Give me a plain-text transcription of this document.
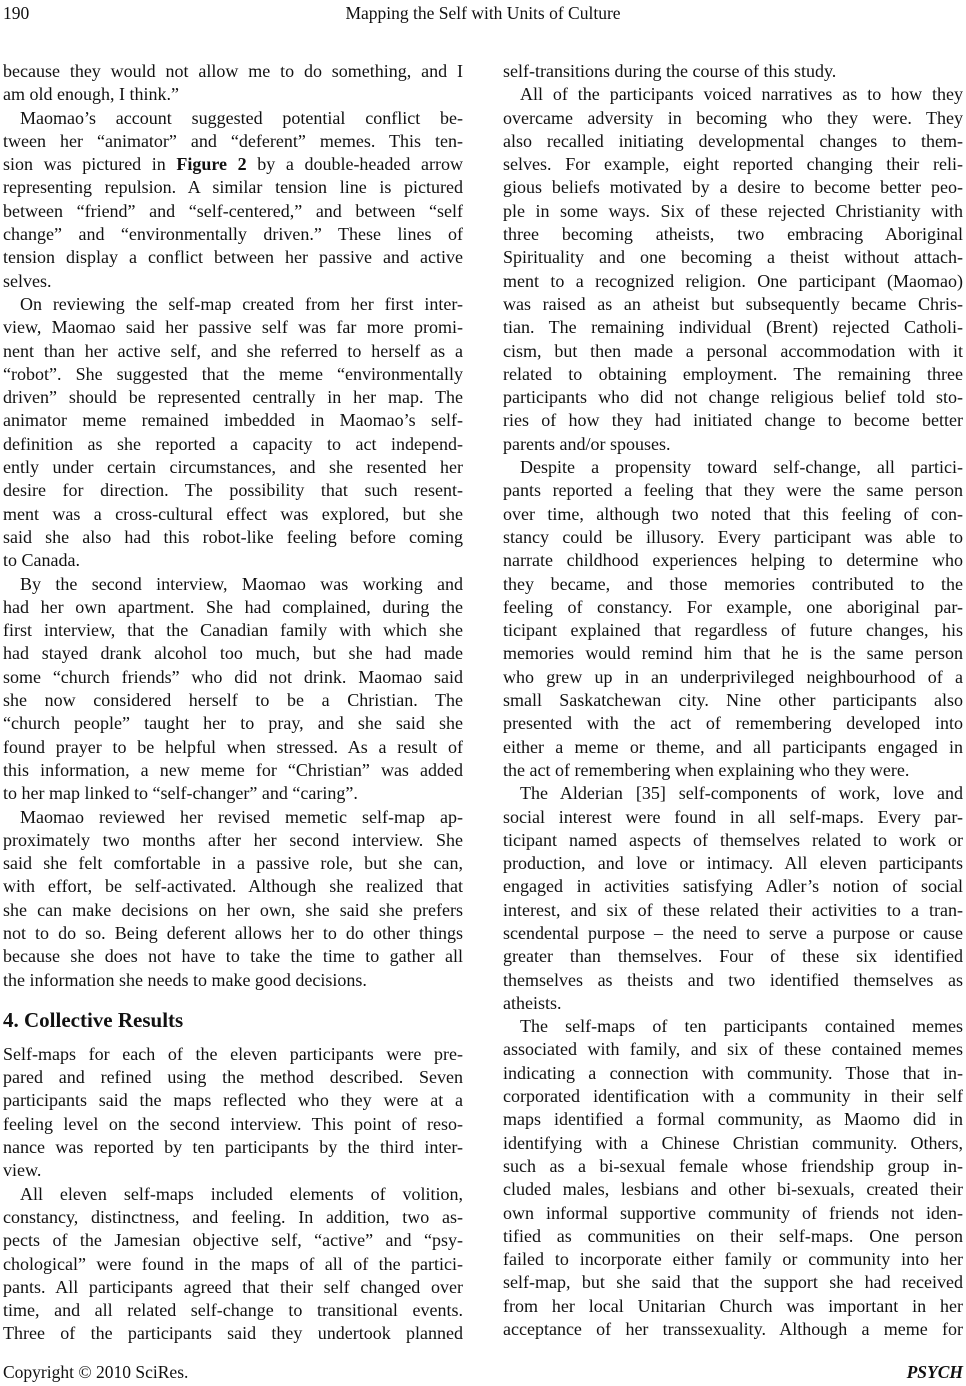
190	Mapping the Self with Units of Culture
because they would not allow me to do something, and I
am old enough, I think.”
Maomao’s account suggested potential conflict be-
tween her “animator” and “deferent” memes. This ten-
sion was pictured in Figure 2 by a double-headed arrow
representing repulsion. A similar tension line is pictured
between “friend” and “self-centered,” and between “self
change” and “environmentally driven.” These lines of
tension display a conflict between her passive and active
selves.
On reviewing the self-map created from her first inter-
view, Maomao said her passive self was far more promi-
nent than her active self, and she referred to herself as a
“robot”. She suggested that the meme “environmentally
driven” should be represented centrally in her map. The
animator meme remained imbedded in Maomao’s self-
definition as she reported a capacity to act independ-
ently under certain circumstances, and she resented her
desire for direction. The possibility that such resent-
ment was a cross-cultural effect was explored, but she
said she also had this robot-like feeling before coming
to Canada.
By the second interview, Maomao was working and
had her own apartment. She had complained, during the
first interview, that the Canadian family with which she
had stayed drank alcohol too much, but she had made
some “church friends” who did not drink. Maomao said
she now considered herself to be a Christian. The
“church people” taught her to pray, and she said she
found prayer to be helpful when stressed. As a result of
this information, a new meme for “Christian” was added
to her map linked to “self-changer” and “caring”.
Maomao reviewed her revised memetic self-map ap-
proximately two months after her second interview. She
said she felt comfortable in a passive role, but she can,
with effort, be self-activated. Although she realized that
she can make decisions on her own, she said she prefers
not to do so. Being deferent allows her to do other things
because she does not have to take the time to gather all
the information she needs to make good decisions.
4. Collective Results
Self-maps for each of the eleven participants were pre-
pared and refined using the method described. Seven
participants said the maps reflected who they were at a
feeling level on the second interview. This point of reso-
nance was reported by ten participants by the third inter-
view.
All eleven self-maps included elements of volition,
constancy, distinctness, and feeling. In addition, two as-
pects of the Jamesian objective self, “active” and “psy-
chological” were found in the maps of all of the partici-
pants. All participants agreed that their self changed over
time, and all related self-change to transitional events.
Three of the participants said they undertook planned
self-transitions during the course of this study.
All of the participants voiced narratives as to how they
overcame adversity in becoming who they were. They
also recalled initiating developmental changes to them-
selves. For example, eight reported changing their reli-
gious beliefs motivated by a desire to become better peo-
ple in some ways. Six of these rejected Christianity with
three becoming atheists, two embracing Aboriginal
Spirituality and one becoming a theist without attach-
ment to a recognized religion. One participant (Maomao)
was raised as an atheist but subsequently became Chris-
tian. The remaining individual (Brent) rejected Catholi-
cism, but then made a personal accommodation with it
related to obtaining employment. The remaining three
participants who did not change religious belief told sto-
ries of how they had initiated change to become better
parents and/or spouses.
Despite a propensity toward self-change, all partici-
pants reported a feeling that they were the same person
over time, although two noted that this feeling of con-
stancy could be illusory. Every participant was able to
narrate childhood experiences helping to determine who
they became, and those memories contributed to the
feeling of constancy. For example, one aboriginal par-
ticipant explained that regardless of future changes, his
memories would remind him that he is the same person
who grew up in an underprivileged neighbourhood of a
small Saskatchewan city. Nine other participants also
presented with the act of remembering developed into
either a meme or theme, and all participants engaged in
the act of remembering when explaining who they were.
The Alderian [35] self-components of work, love and
social interest were found in all self-maps. Every par-
ticipant named aspects of themselves related to work or
production, and love or intimacy. All eleven participants
engaged in activities satisfying Adler’s notion of social
interest, and six of these related their activities to a tran-
scendental purpose – the need to serve a purpose or cause
greater than themselves. Four of these six identified
themselves as theists and two identified themselves as
atheists.
The self-maps of ten participants contained memes
associated with family, and six of these contained memes
indicating a connection with community. Those that in-
corporated identification with a community in their self
maps identified a formal community, as Maomo did in
identifying with a Chinese Christian community. Others,
such as a bi-sexual female whose friendship group in-
cluded males, lesbians and other bi-sexuals, created their
own informal supportive community of friends not iden-
tified as communities on their self-maps. One person
failed to incorporate either family or community into her
self-map, but she said that the support she had received
from her local Unitarian Church was important in her
acceptance of her transsexuality. Although a meme for
Copyright © 2010 SciRes.	PSYCH
